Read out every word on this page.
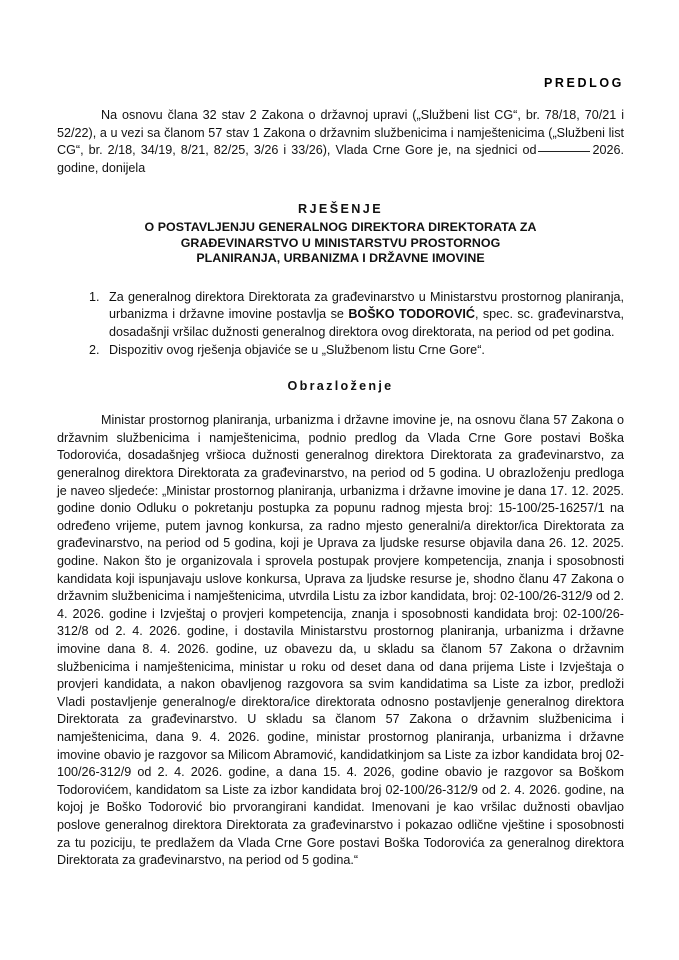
PREDLOG

Na osnovu člana 32 stav 2 Zakona o državnoj upravi („Službeni list CG“, br. 78/18, 70/21 i 52/22), a u vezi sa članom 57 stav 1 Zakona o državnim službenicima i namještenicima („Službeni list CG“, br. 2/18, 34/19, 8/21, 82/25, 3/26 i 33/26), Vlada Crne Gore je, na sjednici od	2026. godine, donijela

RJEŠENJE

O POSTAVLJENJU GENERALNOG DIREKTORA DIREKTORATA ZA
GRAĐEVINARSTVO U MINISTARSTVU PROSTORNOG
PLANIRANJA, URBANIZMA I DRŽAVNE IMOVINE

1. Za generalnog direktora Direktorata za građevinarstvo u Ministarstvu prostornog planiranja, urbanizma i državne imovine postavlja se BOŠKO TODOROVIĆ, spec. sc. građevinarstva, dosadašnji vršilac dužnosti generalnog direktora ovog direktorata, na period od pet godina.
2. Dispozitiv ovog rješenja objaviće se u „Službenom listu Crne Gore“.

Obrazloženje

Ministar prostornog planiranja, urbanizma i državne imovine je, na osnovu člana 57 Zakona o državnim službenicima i namještenicima, podnio predlog da Vlada Crne Gore postavi Boška Todorovića, dosadašnjeg vršioca dužnosti generalnog direktora Direktorata za građevinarstvo, za generalnog direktora Direktorata za građevinarstvo, na period od 5 godina. U obrazloženju predloga je naveo sljedeće: „Ministar prostornog planiranja, urbanizma i državne imovine je dana 17. 12. 2025. godine donio Odluku o pokretanju postupka za popunu radnog mjesta broj: 15-100/25-16257/1 na određeno vrijeme, putem javnog konkursa, za radno mjesto generalni/a direktor/ica Direktorata za građevinarstvo, na period od 5 godina, koji je Uprava za ljudske resurse objavila dana 26. 12. 2025. godine. Nakon što je organizovala i sprovela postupak provjere kompetencija, znanja i sposobnosti kandidata koji ispunjavaju uslove konkursa, Uprava za ljudske resurse je, shodno članu 47 Zakona o državnim službenicima i namještenicima, utvrdila Listu za izbor kandidata, broj: 02-100/26-312/9 od 2. 4. 2026. godine i Izvještaj o provjeri kompetencija, znanja i sposobnosti kandidata broj: 02-100/26-312/8 od 2. 4. 2026. godine, i dostavila Ministarstvu prostornog planiranja, urbanizma i državne imovine dana 8. 4. 2026. godine, uz obavezu da, u skladu sa članom 57 Zakona o državnim službenicima i namještenicima, ministar u roku od deset dana od dana prijema Liste i Izvještaja o provjeri kandidata, a nakon obavljenog razgovora sa svim kandidatima sa Liste za izbor, predloži Vladi postavljenje generalnog/e direktora/ice direktorata odnosno postavljenje generalnog direktora Direktorata za građevinarstvo. U skladu sa članom 57 Zakona o državnim službenicima i namještenicima, dana 9. 4. 2026. godine, ministar prostornog planiranja, urbanizma i državne imovine obavio je razgovor sa Milicom Abramović, kandidatkinjom sa Liste za izbor kandidata broj 02-100/26-312/9 od 2. 4. 2026. godine, a dana 15. 4. 2026, godine obavio je razgovor sa Boškom Todorovićem, kandidatom sa Liste za izbor kandidata broj 02-100/26-312/9 od 2. 4. 2026. godine, na kojoj je Boško Todorović bio prvorangirani kandidat. Imenovani je kao vršilac dužnosti obavljao poslove generalnog direktora Direktorata za građevinarstvo i pokazao odlične vještine i sposobnosti za tu poziciju, te predlažem da Vlada Crne Gore postavi Boška Todorovića za generalnog direktora Direktorata za građevinarstvo, na period od 5 godina.“
